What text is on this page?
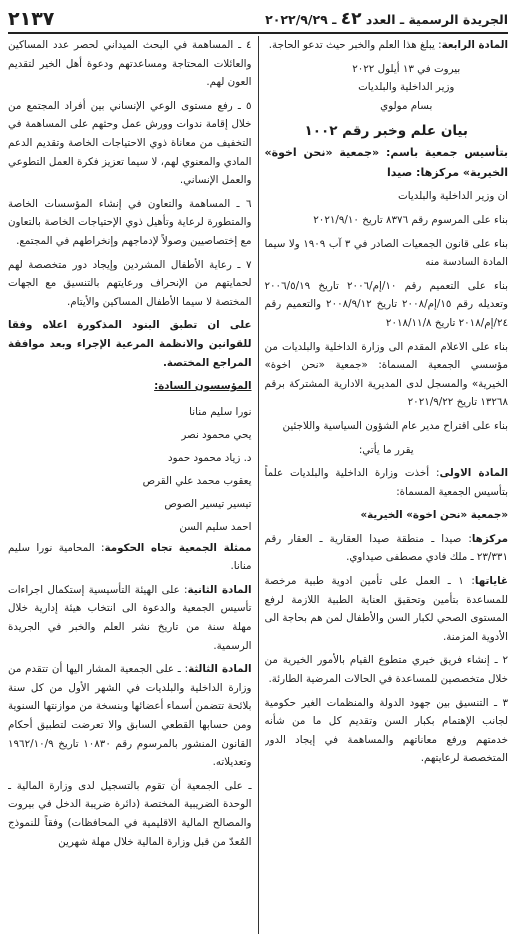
الجريدة الرسمية ـ العدد ٤٢ ـ ٢٠٢٢/٩/٢٩
٢١٣٧

المادة الرابعة: يبلغ هذا العلم والخبر حيث تدعو الحاجة.

بيروت في ١٣ أيلول ٢٠٢٢
وزير الداخلية والبلديات
بسام مولوي
بيان علم وخبر رقم ١٠٠٢
بتأسيس جمعية باسم: «جمعية «نحن اخوة» الخيرية» مركزها: صيدا

ان وزير الداخلية والبلديات

بناء على المرسوم رقم ٨٣٧٦ تاريخ ٢٠٢١/٩/١٠

بناء على قانون الجمعيات الصادر في ٣ آب ١٩٠٩ ولا سيما المادة السادسة منه

بناء على التعميم رقم ١٠/إم/٢٠٠٦ تاريخ ٢٠٠٦/٥/١٩ وتعديله رقم ١٥/إم/٢٠٠٨ تاريخ ٢٠٠٨/٩/١٢ والتعميم رقم ٢٤/إم/٢٠١٨ تاريخ ٢٠١٨/١١/٨

بناء على الاعلام المقدم الى وزارة الداخلية والبلديات من مؤسسي الجمعية المسماة: «جمعية «نحن اخوة» الخيرية» والمسجل لدى المديرية الادارية المشتركة برقم ١٣٢٦٨ تاريخ ٢٠٢١/٩/٢٢

بناء على اقتراح مدير عام الشؤون السياسية واللاجئين

يقرر ما يأتي:

المادة الاولى: أخذت وزارة الداخلية والبلديات علماً بتأسيس الجمعية المسماة:

«جمعية «نحن اخوة» الخيرية»

مركزها: صيدا ـ منطقة صيدا العقارية ـ العقار رقم ٢٣/٣٣١ ـ ملك فادي مصطفى صيداوي.

غاياتها: ١ ـ العمل على تأمين ادوية طبية مرخصة للمساعدة بتأمين وتحقيق العناية الطبية اللازمة لرفع المستوى الصحي لكبار السن والأطفال لمن هم بحاجة الى الأدوية المزمنة.

٢ ـ إنشاء فريق خيري متطوع القيام بالأمور الخيرية من خلال متخصصين للمساعدة في الحالات المرضية الطارئة.

٣ ـ التنسيق بين جهود الدولة والمنظمات الغير حكومية لجانب الإهتمام بكبار السن وتقديم كل ما من شأنه خدمتهم ورفع معاناتهم والمساهمة في إيجاد الدور المتخصصة لرعايتهم.

٤ ـ المساهمة في البحث الميداني لحصر عدد المساكين والعائلات المحتاجة ومساعدتهم ودعوة أهل الخير لتقديم العون لهم.

٥ ـ رفع مستوى الوعي الإنساني بين أفراد المجتمع من خلال إقامة ندوات وورش عمل وحثهم على المساهمة في التخفيف من معاناة ذوي الاحتياجات الخاصة وتقديم الدعم المادي والمعنوي لهم، لا سيما تعزيز فكرة العمل التطوعي والعمل الإنساني.

٦ ـ المساهمة والتعاون في إنشاء المؤسسات الخاصة والمتطورة لرعاية وتأهيل ذوي الإحتياجات الخاصة بالتعاون مع إختصاصيين وصولاً لإدماجهم وإنخراطهم في المجتمع.

٧ ـ رعاية الأطفال المشردين وإيجاد دور متخصصة لهم لحمايتهم من الإنحراف ورعايتهم بالتنسيق مع الجهات المختصة لا سيما الأطفال المساكين والأيتام.

على ان تطبق البنود المذكورة اعلاه وفقا للقوانين والانظمة المرعية الإجراء وبعد موافقة المراجع المختصة.

المؤسسون السادة:

نورا سليم منانا
يحي محمود نصر
د. زياد محمود حمود
يعقوب محمد علي القرص
تيسير تيسير الصوص
احمد سليم السن

ممثلة الجمعية تجاه الحكومة: المحامية نورا سليم منانا.

المادة الثانية: على الهيئة التأسيسية إستكمال اجراءات تأسيس الجمعية والدعوة الى انتخاب هيئة إدارية خلال مهلة سنة من تاريخ نشر العلم والخبر في الجريدة الرسمية.

المادة الثالثة: ـ على الجمعية المشار اليها أن تتقدم من وزارة الداخلية والبلديات في الشهر الأول من كل سنة بلائحة تتضمن أسماء أعضائها وبنسخة من موازنتها السنوية ومن حسابها القطعي السابق والا تعرضت لتطبيق أحكام القانون المنشور بالمرسوم رقم ١٠٨٣٠ تاريخ ١٩٦٢/١٠/٩ وتعديلاته.

ـ على الجمعية أن تقوم بالتسجيل لدى وزارة المالية ـ الوحدة الضريبية المختصة (دائرة ضريبة الدخل في بيروت والمصالح المالية الاقليمية في المحافظات) وفقاً للنموذج المُعدّ من قبل وزارة المالية خلال مهلة شهرين
